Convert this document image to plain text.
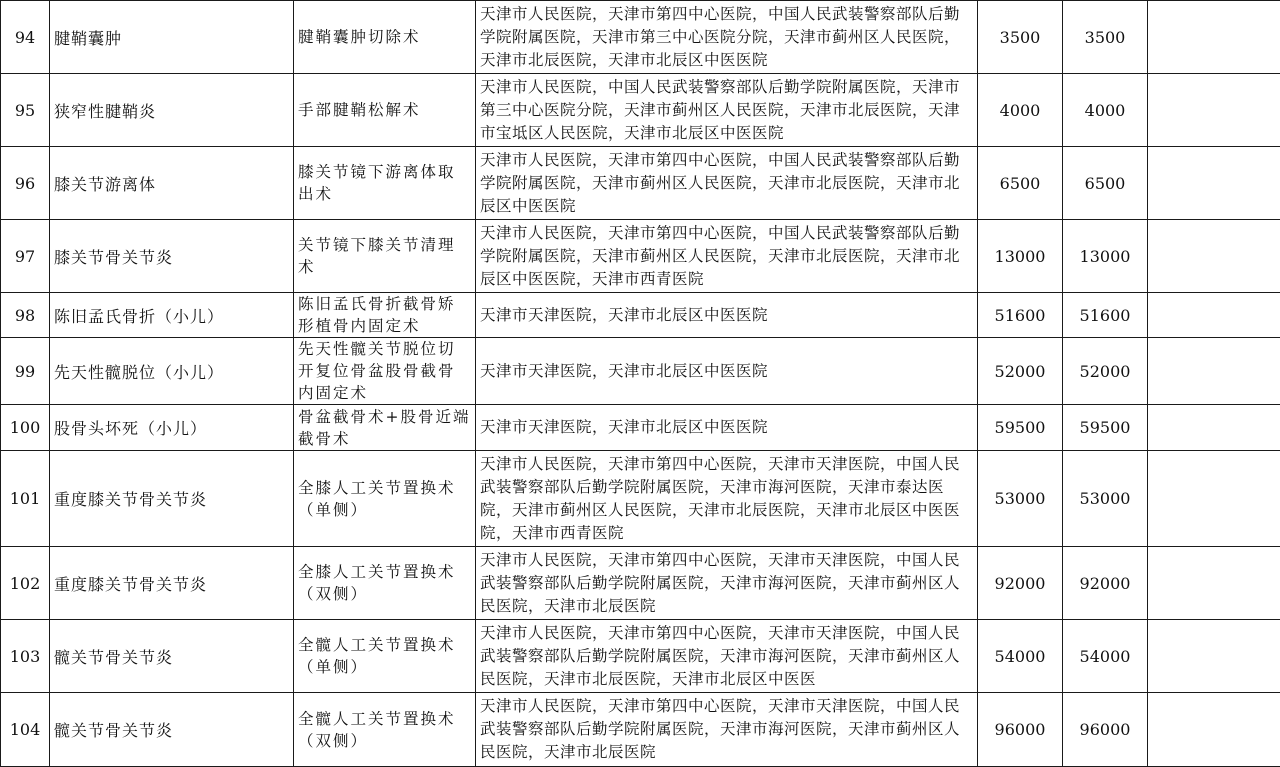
94	腱鞘囊肿	腱鞘囊肿切除术	天津市人民医院，天津市第四中心医院，中国人民武装警察部队后勤学院附属医院，天津市第三中心医院分院，天津市蓟州区人民医院，天津市北辰医院，天津市北辰区中医医院	3500	3500	
95	狭窄性腱鞘炎	手部腱鞘松解术	天津市人民医院，中国人民武装警察部队后勤学院附属医院，天津市第三中心医院分院，天津市蓟州区人民医院，天津市北辰医院，天津市宝坻区人民医院，天津市北辰区中医医院	4000	4000	
96	膝关节游离体	膝关节镜下游离体取出术	天津市人民医院，天津市第四中心医院，中国人民武装警察部队后勤学院附属医院，天津市蓟州区人民医院，天津市北辰医院，天津市北辰区中医医院	6500	6500	
97	膝关节骨关节炎	关节镜下膝关节清理术	天津市人民医院，天津市第四中心医院，中国人民武装警察部队后勤学院附属医院，天津市蓟州区人民医院，天津市北辰医院，天津市北辰区中医医院，天津市西青医院	13000	13000	
98	陈旧孟氏骨折（小儿）	陈旧孟氏骨折截骨矫形植骨内固定术	天津市天津医院，天津市北辰区中医医院	51600	51600	
99	先天性髋脱位（小儿）	先天性髋关节脱位切开复位骨盆股骨截骨内固定术	天津市天津医院，天津市北辰区中医医院	52000	52000	
100	股骨头坏死（小儿）	骨盆截骨术+股骨近端截骨术	天津市天津医院，天津市北辰区中医医院	59500	59500	
101	重度膝关节骨关节炎	全膝人工关节置换术（单侧）	天津市人民医院，天津市第四中心医院，天津市天津医院，中国人民武装警察部队后勤学院附属医院，天津市海河医院，天津市泰达医院，天津市蓟州区人民医院，天津市北辰医院，天津市北辰区中医医院，天津市西青医院	53000	53000	
102	重度膝关节骨关节炎	全膝人工关节置换术（双侧）	天津市人民医院，天津市第四中心医院，天津市天津医院，中国人民武装警察部队后勤学院附属医院，天津市海河医院，天津市蓟州区人民医院，天津市北辰医院	92000	92000	
103	髋关节骨关节炎	全髋人工关节置换术（单侧）	天津市人民医院，天津市第四中心医院，天津市天津医院，中国人民武装警察部队后勤学院附属医院，天津市海河医院，天津市蓟州区人民医院，天津市北辰医院，天津市北辰区中医医	54000	54000	
104	髋关节骨关节炎	全髋人工关节置换术（双侧）	天津市人民医院，天津市第四中心医院，天津市天津医院，中国人民武装警察部队后勤学院附属医院，天津市海河医院，天津市蓟州区人民医院，天津市北辰医院	96000	96000	
